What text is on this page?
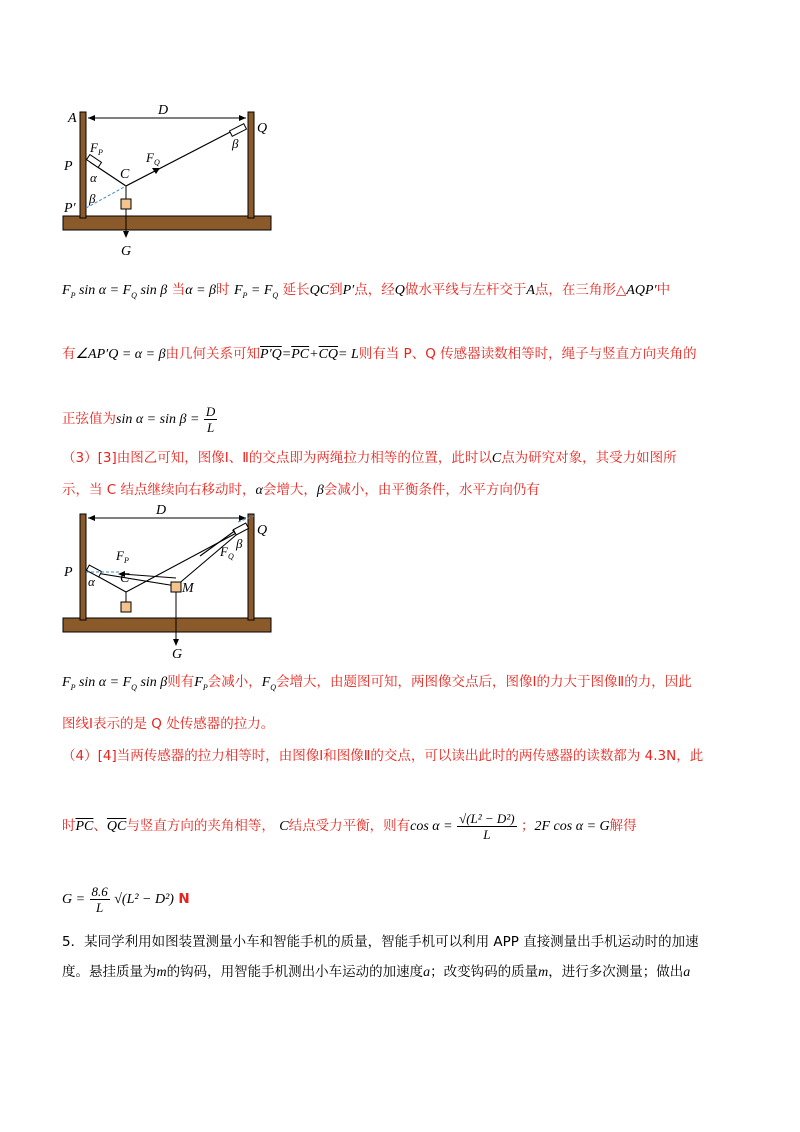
A
D
Q
P
$F_P$	$F_Q$
C
α
β
β
P′
G
$F_P$ $\sin \alpha = F_Q$ sin β 当α = β时 $F_P = F_Q$ 延长QC到P′点，经Q做水平线与左杆交于A点，在三角形△AQP′中
有∠AP′Q = α = β由几何关系可知$P'Q=\overline{PC}+\overline{CQ}= L$则有当 P、Q 传感器读数相等时，绳子与竖直方向夹角的
正弦值为$\sin \alpha = \sin \beta = \frac{D}{L}$
（3）[3]由图乙可知，图像Ⅰ、Ⅱ的交点即为两绳拉力相等的位置，此时以C点为研究对象，其受力如图所
示，当 C 结点继续向右移动时，α会增大，β会减小，由平衡条件，水平方向仍有
D
Q
P
$F_P$
$F_Q$
C
M
α
β
G
$F_P$ $\sin \alpha = F_Q$ sin β则有$F_P$会减小，$F_Q$会增大，由题图可知，两图像交点后，图像Ⅰ的力大于图像Ⅱ的力，因此
图线Ⅰ表示的是 Q 处传感器的拉力。
（4）[4]当两传感器的拉力相等时，由图像Ⅰ和图像Ⅱ的交点，可以读出此时的两传感器的读数都为 4.3N，此
时$\overline{PC}$、$\overline{QC}$与竖直方向的夹角相等， C结点受力平衡，则有$\cos \alpha = \frac{\text{√(L² − D²)}}{L}$ ；2F cos α = G解得
$G = \frac{8.6}{L} √(L^2 - D^2)$ N
5．某同学利用如图装置测量小车和智能手机的质量，智能手机可以利用 APP 直接测量出手机运动时的加速
度。悬挂质量为m的钩码，用智能手机测出小车运动的加速度a；改变钩码的质量m，进行多次测量；做出a
